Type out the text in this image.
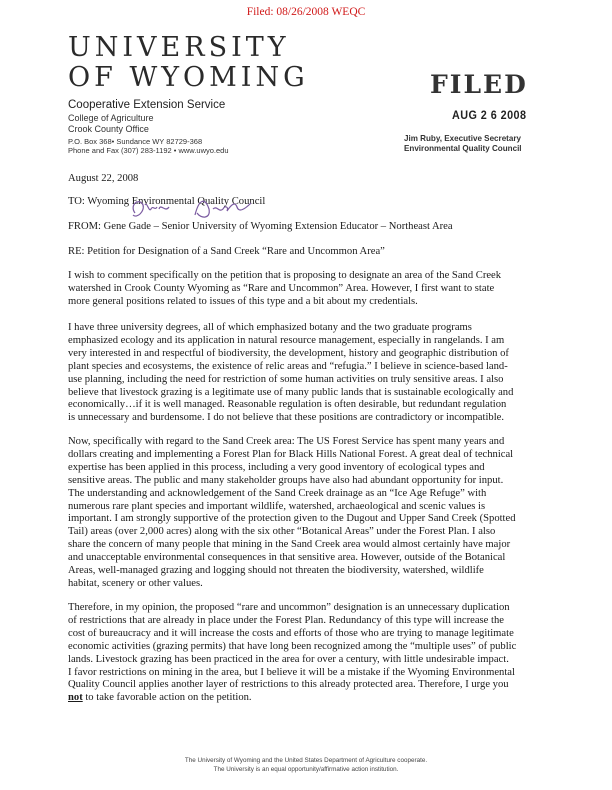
Filed: 08/26/2008 WEQC
UNIVERSITY
OF WYOMING
Cooperative Extension Service
College of Agriculture
Crook County Office
P.O. Box 368• Sundance WY 82729-368
Phone and Fax (307) 283-1192 • www.uwyo.edu
FILED
AUG 2 6 2008
Jim Ruby, Executive Secretary
Environmental Quality Council
August 22, 2008
TO: Wyoming Environmental Quality Council
FROM: Gene Gade – Senior University of Wyoming Extension Educator – Northeast Area
RE: Petition for Designation of a Sand Creek “Rare and Uncommon Area”
I wish to comment specifically on the petition that is proposing to designate an area of the Sand Creek
watershed in Crook County Wyoming as “Rare and Uncommon” Area. However, I first want to state
more general positions related to issues of this type and a bit about my credentials.
I have three university degrees, all of which emphasized botany and the two graduate programs
emphasized ecology and its application in natural resource management, especially in rangelands. I am
very interested in and respectful of biodiversity, the development, history and geographic distribution of
plant species and ecosystems, the existence of relic areas and “refugia.” I believe in science-based land-
use planning, including the need for restriction of some human activities on truly sensitive areas. I also
believe that livestock grazing is a legitimate use of many public lands that is sustainable ecologically and
economically…if it is well managed. Reasonable regulation is often desirable, but redundant regulation
is unnecessary and burdensome. I do not believe that these positions are contradictory or incompatible.
Now, specifically with regard to the Sand Creek area: The US Forest Service has spent many years and
dollars creating and implementing a Forest Plan for Black Hills National Forest. A great deal of technical
expertise has been applied in this process, including a very good inventory of ecological types and
sensitive areas. The public and many stakeholder groups have also had abundant opportunity for input.
The understanding and acknowledgement of the Sand Creek drainage as an “Ice Age Refuge” with
numerous rare plant species and important wildlife, watershed, archaeological and scenic values is
important. I am strongly supportive of the protection given to the Dugout and Upper Sand Creek (Spotted
Tail) areas (over 2,000 acres) along with the six other “Botanical Areas” under the Forest Plan. I also
share the concern of many people that mining in the Sand Creek area would almost certainly have major
and unacceptable environmental consequences in that sensitive area. However, outside of the Botanical
Areas, well-managed grazing and logging should not threaten the biodiversity, watershed, wildlife
habitat, scenery or other values.
Therefore, in my opinion, the proposed “rare and uncommon” designation is an unnecessary duplication
of restrictions that are already in place under the Forest Plan. Redundancy of this type will increase the
cost of bureaucracy and it will increase the costs and efforts of those who are trying to manage legitimate
economic activities (grazing permits) that have long been recognized among the “multiple uses” of public
lands. Livestock grazing has been practiced in the area for over a century, with little undesirable impact.
I favor restrictions on mining in the area, but I believe it will be a mistake if the Wyoming Environmental
Quality Council applies another layer of restrictions to this already protected area. Therefore, I urge you
not to take favorable action on the petition.
The University of Wyoming and the United States Department of Agriculture cooperate.
The University is an equal opportunity/affirmative action institution.
